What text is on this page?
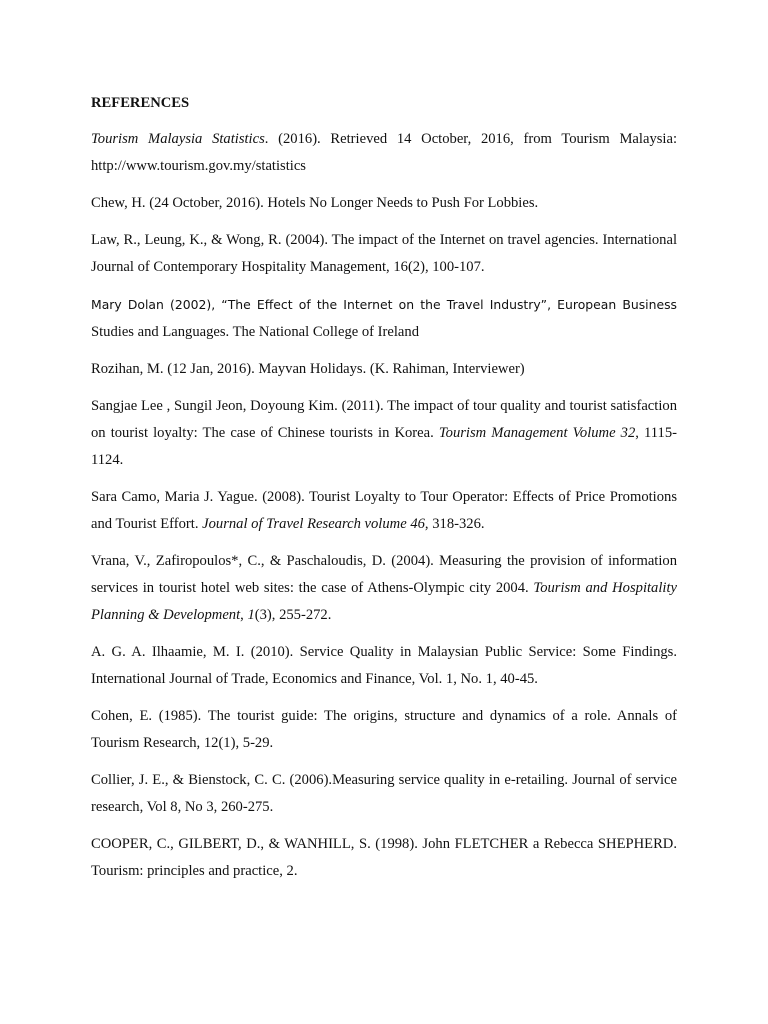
REFERENCES

Tourism Malaysia Statistics. (2016). Retrieved 14 October, 2016, from Tourism Malaysia: http://www.tourism.gov.my/statistics

Chew, H. (24 October, 2016). Hotels No Longer Needs to Push For Lobbies.

Law, R., Leung, K., & Wong, R. (2004). The impact of the Internet on travel agencies. International Journal of Contemporary Hospitality Management, 16(2), 100-107.

Mary Dolan (2002), “The Effect of the Internet on the Travel Industry”, European Business Studies and Languages. The National College of Ireland

Rozihan, M. (12 Jan, 2016). Mayvan Holidays. (K. Rahiman, Interviewer)

Sangjae Lee , Sungil Jeon, Doyoung Kim. (2011). The impact of tour quality and tourist satisfaction on tourist loyalty: The case of Chinese tourists in Korea. Tourism Management Volume 32, 1115-1124.

Sara Camo, Maria J. Yague. (2008). Tourist Loyalty to Tour Operator: Effects of Price Promotions and Tourist Effort. Journal of Travel Research volume 46, 318-326.

Vrana, V., Zafiropoulos*, C., & Paschaloudis, D. (2004). Measuring the provision of information services in tourist hotel web sites: the case of Athens-Olympic city 2004. Tourism and Hospitality Planning & Development, 1(3), 255-272.

A. G. A. Ilhaamie, M. I. (2010). Service Quality in Malaysian Public Service: Some Findings. International Journal of Trade, Economics and Finance, Vol. 1, No. 1, 40-45.

Cohen, E. (1985). The tourist guide: The origins, structure and dynamics of a role. Annals of Tourism Research, 12(1), 5-29.

Collier, J. E., & Bienstock, C. C. (2006).Measuring service quality in e-retailing. Journal of service research, Vol 8, No 3, 260-275.

COOPER, C., GILBERT, D., & WANHILL, S. (1998). John FLETCHER a Rebecca SHEPHERD. Tourism: principles and practice, 2.
